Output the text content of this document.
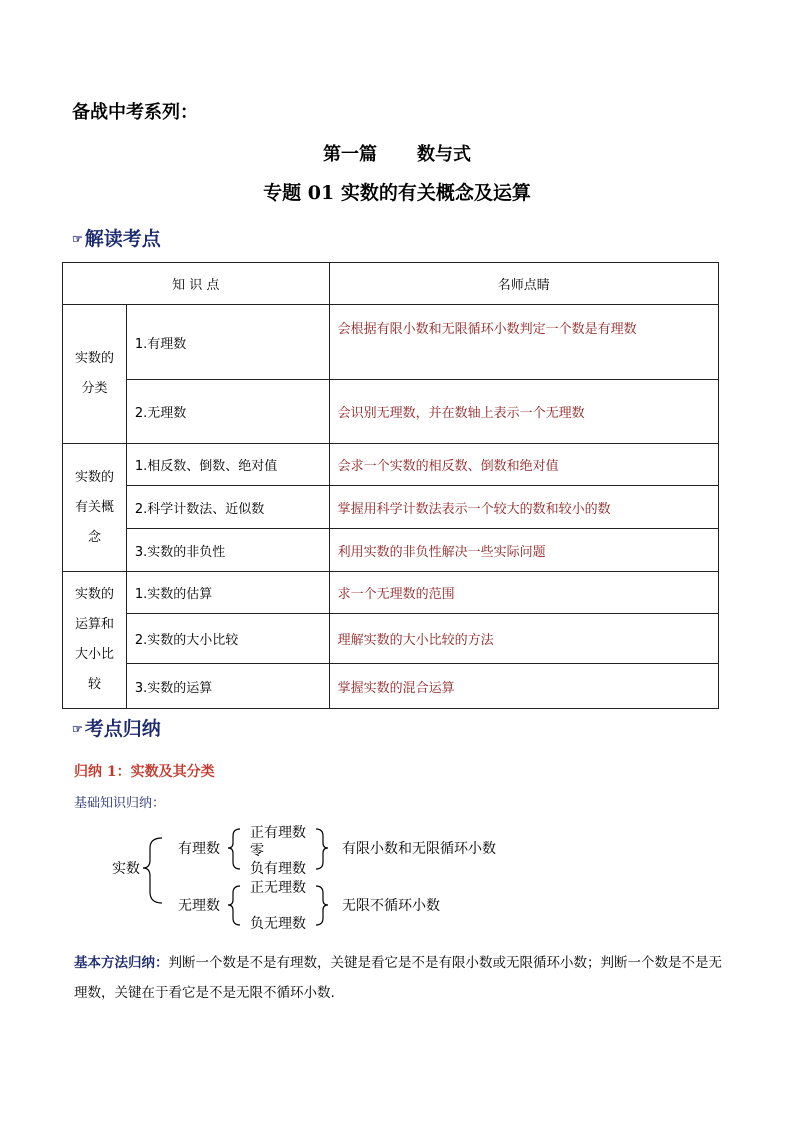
备战中考系列：
第一篇 数与式
专题 01 实数的有关概念及运算
☞ 解读考点
知 识 点		名师点睛

实数的
分类	1.有理数	会根据有限小数和无限循环小数判定一个数是有理数
	2.无理数	会识别无理数，并在数轴上表示一个无理数

实数的
有关概
念	1.相反数、倒数、绝对值	会求一个实数的相反数、倒数和绝对值
	2.科学计数法、近似数	掌握用科学计数法表示一个较大的数和较小的数
	3.实数的非负性	利用实数的非负性解决一些实际问题

实数的
运算和
大小比
较	1.实数的估算	求一个无理数的范围
	2.实数的大小比较	理解实数的大小比较的方法
	3.实数的运算	掌握实数的混合运算
☞ 考点归纳
归纳 1：实数及其分类
基础知识归纳：
实数
有理数
正有理数
零
负有理数
有限小数和无限循环小数
无理数
正无理数
负无理数
无限不循环小数
基本方法归纳：判断一个数是不是有理数，关键是看它是不是有限小数或无限循环小数；判断一个数是不是无理数，关键在于看它是不是无限不循环小数.
